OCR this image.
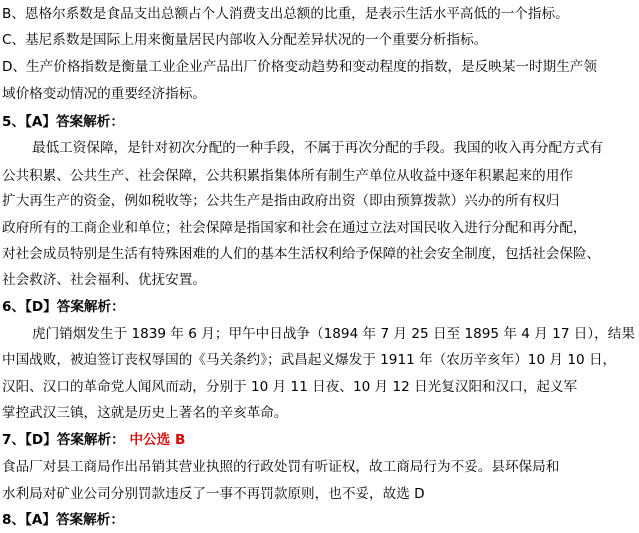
B、恩格尔系数是食品支出总额占个人消费支出总额的比重，是表示生活水平高低的一个指标。
C、基尼系数是国际上用来衡量居民内部收入分配差异状况的一个重要分析指标。
D、生产价格指数是衡量工业企业产品出厂价格变动趋势和变动程度的指数，是反映某一时期生产领
域价格变动情况的重要经济指标。
5、【A】答案解析：
最低工资保障，是针对初次分配的一种手段，不属于再次分配的手段。我国的收入再分配方式有
公共积累、公共生产、社会保障，公共积累指集体所有制生产单位从收益中逐年积累起来的用作
扩大再生产的资金，例如税收等；公共生产是指由政府出资（即由预算拨款）兴办的所有权归
政府所有的工商企业和单位；社会保障是指国家和社会在通过立法对国民收入进行分配和再分配，
对社会成员特别是生活有特殊困难的人们的基本生活权利给予保障的社会安全制度，包括社会保险、
社会救济、社会福利、优抚安置。
6、【D】答案解析：
虎门销烟发生于 1839 年 6 月；甲午中日战争（1894 年 7 月 25 日至 1895 年 4 月 17 日），结果
中国战败，被迫签订丧权辱国的《马关条约》；武昌起义爆发于 1911 年（农历辛亥年）10 月 10 日，
汉阳、汉口的革命党人闻风而动，分别于 10 月 11 日夜、10 月 12 日光复汉阳和汉口，起义军
掌控武汉三镇，这就是历史上著名的辛亥革命。
7、【D】答案解析： 中公选 B
食品厂对县工商局作出吊销其营业执照的行政处罚有听证权，故工商局行为不妥。县环保局和
水利局对矿业公司分别罚款违反了一事不再罚款原则，也不妥，故选 D
8、【A】答案解析：
